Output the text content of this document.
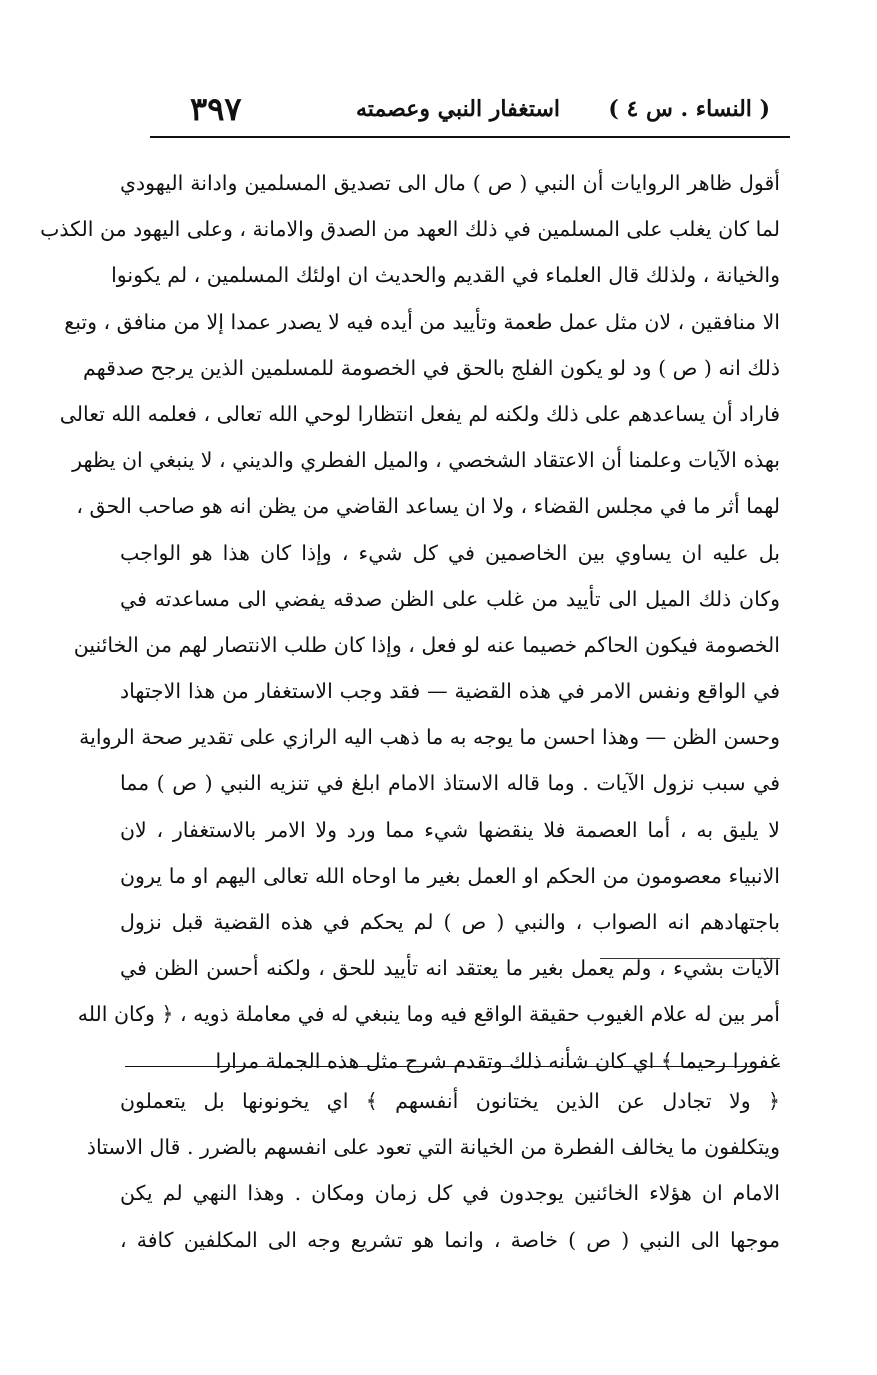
( النساء . س ٤ )
استغفار النبي وعصمته
٣٩٧
أقول ظاهر الروايات أن النبي ( ص ) مال الى تصديق المسلمين وادانة اليهودي
لما كان يغلب على المسلمين في ذلك العهد من الصدق والامانة ، وعلى اليهود من الكذب
والخيانة ، ولذلك قال العلماء في القديم والحديث ان اولئك المسلمين ، لم يكونوا
الا منافقين ، لان مثل عمل طعمة وتأييد من أيده فيه لا يصدر عمدا إلا من منافق ، وتبع
ذلك انه ( ص ) ود لو يكون الفلج بالحق في الخصومة للمسلمين الذين يرجح صدقهم
فاراد أن يساعدهم على ذلك ولكنه لم يفعل انتظارا لوحي الله تعالى ، فعلمه الله تعالى
بهذه الآيات وعلمنا أن الاعتقاد الشخصي ، والميل الفطري والديني ، لا ينبغي ان يظهر
لهما أثر ما في مجلس القضاء ، ولا ان يساعد القاضي من يظن انه هو صاحب الحق ،
بل عليه ان يساوي بين الخاصمين في كل شيء ، وإذا كان هذا هو الواجب
وكان ذلك الميل الى تأييد من غلب على الظن صدقه يفضي الى مساعدته في
الخصومة فيكون الحاكم خصيما عنه لو فعل ، وإذا كان طلب الانتصار لهم من الخائنين
في الواقع ونفس الامر في هذه القضية — فقد وجب الاستغفار من هذا الاجتهاد
وحسن الظن — وهذا احسن ما يوجه به ما ذهب اليه الرازي على تقدير صحة الرواية
في سبب نزول الآيات . وما قاله الاستاذ الامام ابلغ في تنزيه النبي ( ص ) مما
لا يليق به ، أما العصمة فلا ينقضها شيء مما ورد ولا الامر بالاستغفار ، لان
الانبياء معصومون من الحكم او العمل بغير ما اوحاه الله تعالى اليهم او ما يرون
باجتهادهم انه الصواب ، والنبي ( ص ) لم يحكم في هذه القضية قبل نزول
الآيات بشيء ، ولم يعمل بغير ما يعتقد انه تأييد للحق ، ولكنه أحسن الظن في
أمر بين له علام الغيوب حقيقة الواقع فيه وما ينبغي له في معاملة ذويه ، ﴿ وكان الله
غفورا رحيما ﴾ اي كان شأنه ذلك وتقدم شرح مثل هذه الجملة مرارا
﴿ ولا تجادل عن الذين يختانون أنفسهم ﴾ اي يخونونها بل يتعملون
ويتكلفون ما يخالف الفطرة من الخيانة التي تعود على انفسهم بالضرر . قال الاستاذ
الامام ان هؤلاء الخائنين يوجدون في كل زمان ومكان . وهذا النهي لم يكن
موجها الى النبي ( ص ) خاصة ، وانما هو تشريع وجه الى المكلفين كافة ،
